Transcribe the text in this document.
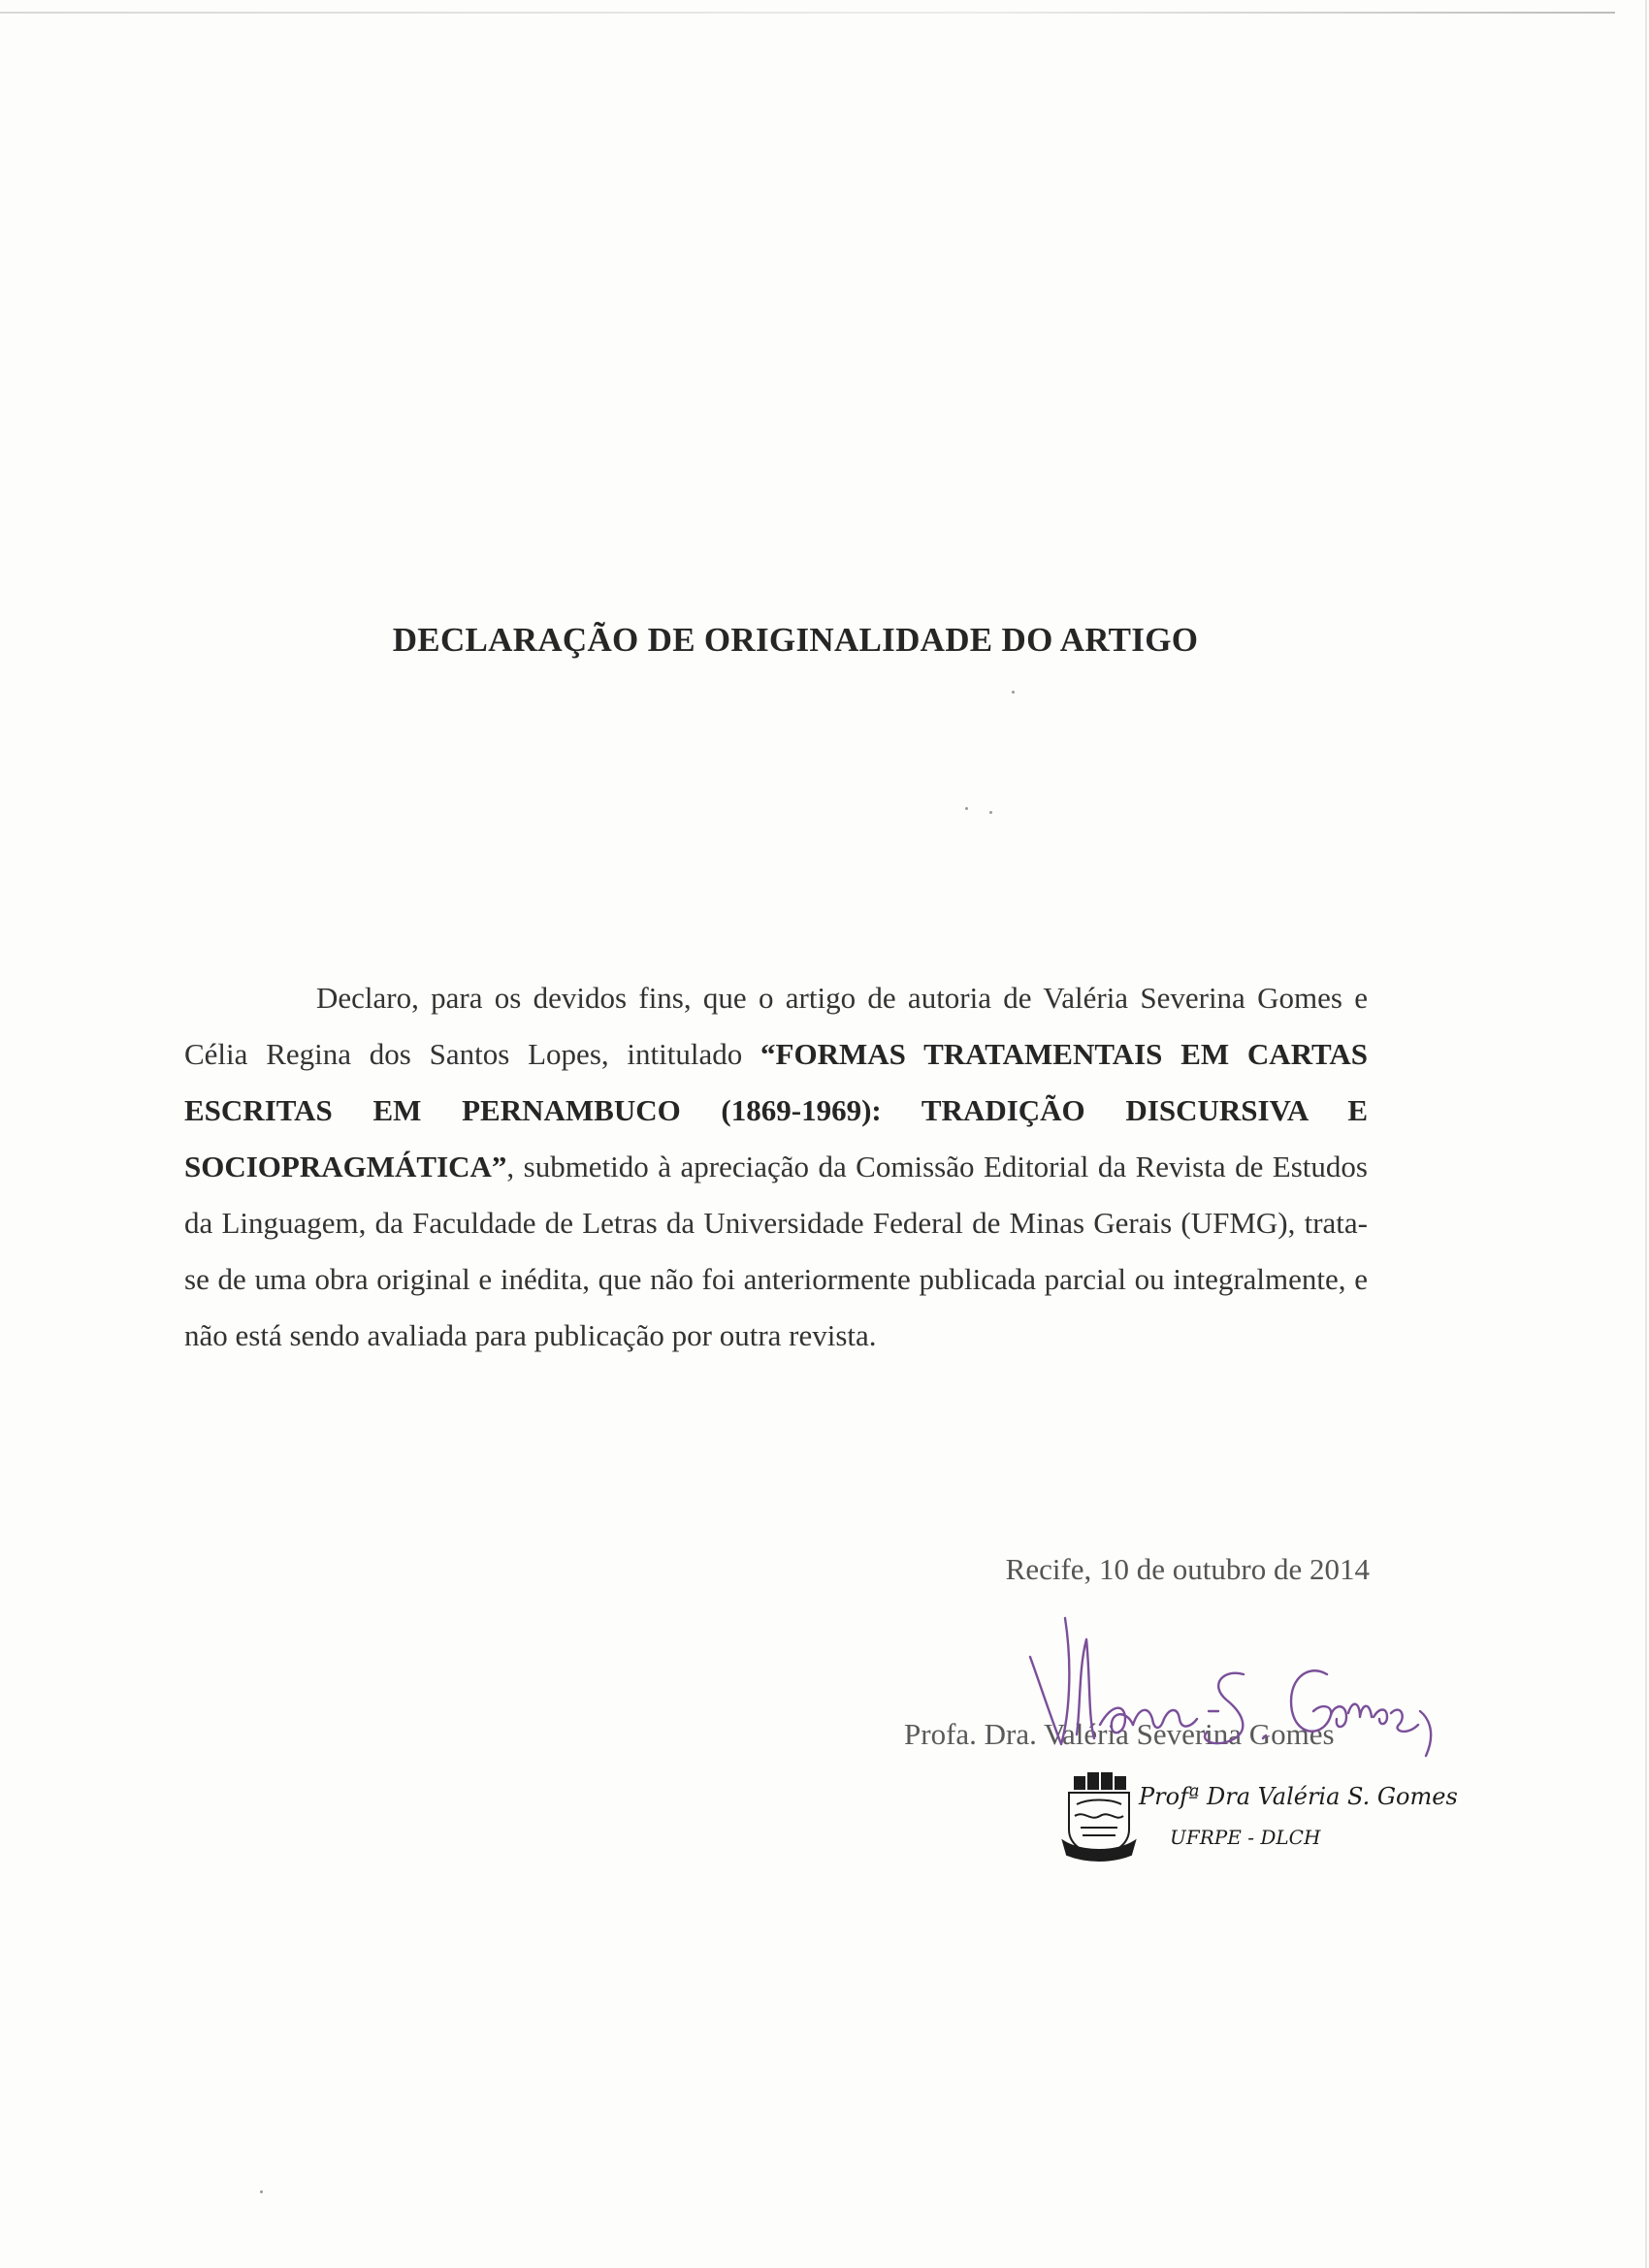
DECLARAÇÃO DE ORIGINALIDADE DO ARTIGO
Declaro, para os devidos fins, que o artigo de autoria de Valéria Severina Gomes e Célia Regina dos Santos Lopes, intitulado “FORMAS TRATAMENTAIS EM CARTAS ESCRITAS EM PERNAMBUCO (1869-1969): TRADIÇÃO DISCURSIVA E SOCIOPRAGMÁTICA”, submetido à apreciação da Comissão Editorial da Revista de Estudos da Linguagem, da Faculdade de Letras da Universidade Federal de Minas Gerais (UFMG), trata-se de uma obra original e inédita, que não foi anteriormente publicada parcial ou integralmente, e não está sendo avaliada para publicação por outra revista.
Recife, 10 de outubro de 2014
Profa. Dra. Valéria Severina Gomes
Profª Dra Valéria S. Gomes
UFRPE - DLCH
